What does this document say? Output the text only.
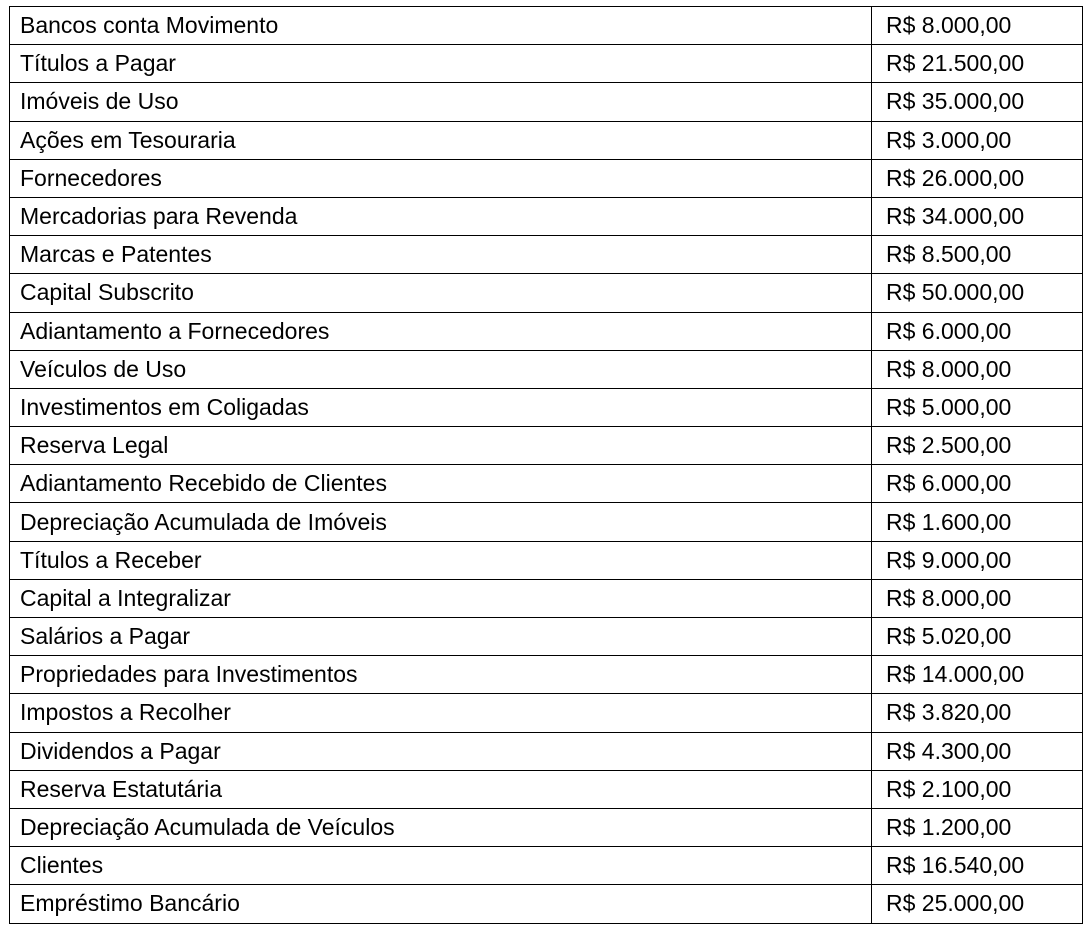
Bancos conta Movimento	R$ 8.000,00
Títulos a Pagar	R$ 21.500,00
Imóveis de Uso	R$ 35.000,00
Ações em Tesouraria	R$ 3.000,00
Fornecedores	R$ 26.000,00
Mercadorias para Revenda	R$ 34.000,00
Marcas e Patentes	R$ 8.500,00
Capital Subscrito	R$ 50.000,00
Adiantamento a Fornecedores	R$ 6.000,00
Veículos de Uso	R$ 8.000,00
Investimentos em Coligadas	R$ 5.000,00
Reserva Legal	R$ 2.500,00
Adiantamento Recebido de Clientes	R$ 6.000,00
Depreciação Acumulada de Imóveis	R$ 1.600,00
Títulos a Receber	R$ 9.000,00
Capital a Integralizar	R$ 8.000,00
Salários a Pagar	R$ 5.020,00
Propriedades para Investimentos	R$ 14.000,00
Impostos a Recolher	R$ 3.820,00
Dividendos a Pagar	R$ 4.300,00
Reserva Estatutária	R$ 2.100,00
Depreciação Acumulada de Veículos	R$ 1.200,00
Clientes	R$ 16.540,00
Empréstimo Bancário	R$ 25.000,00
